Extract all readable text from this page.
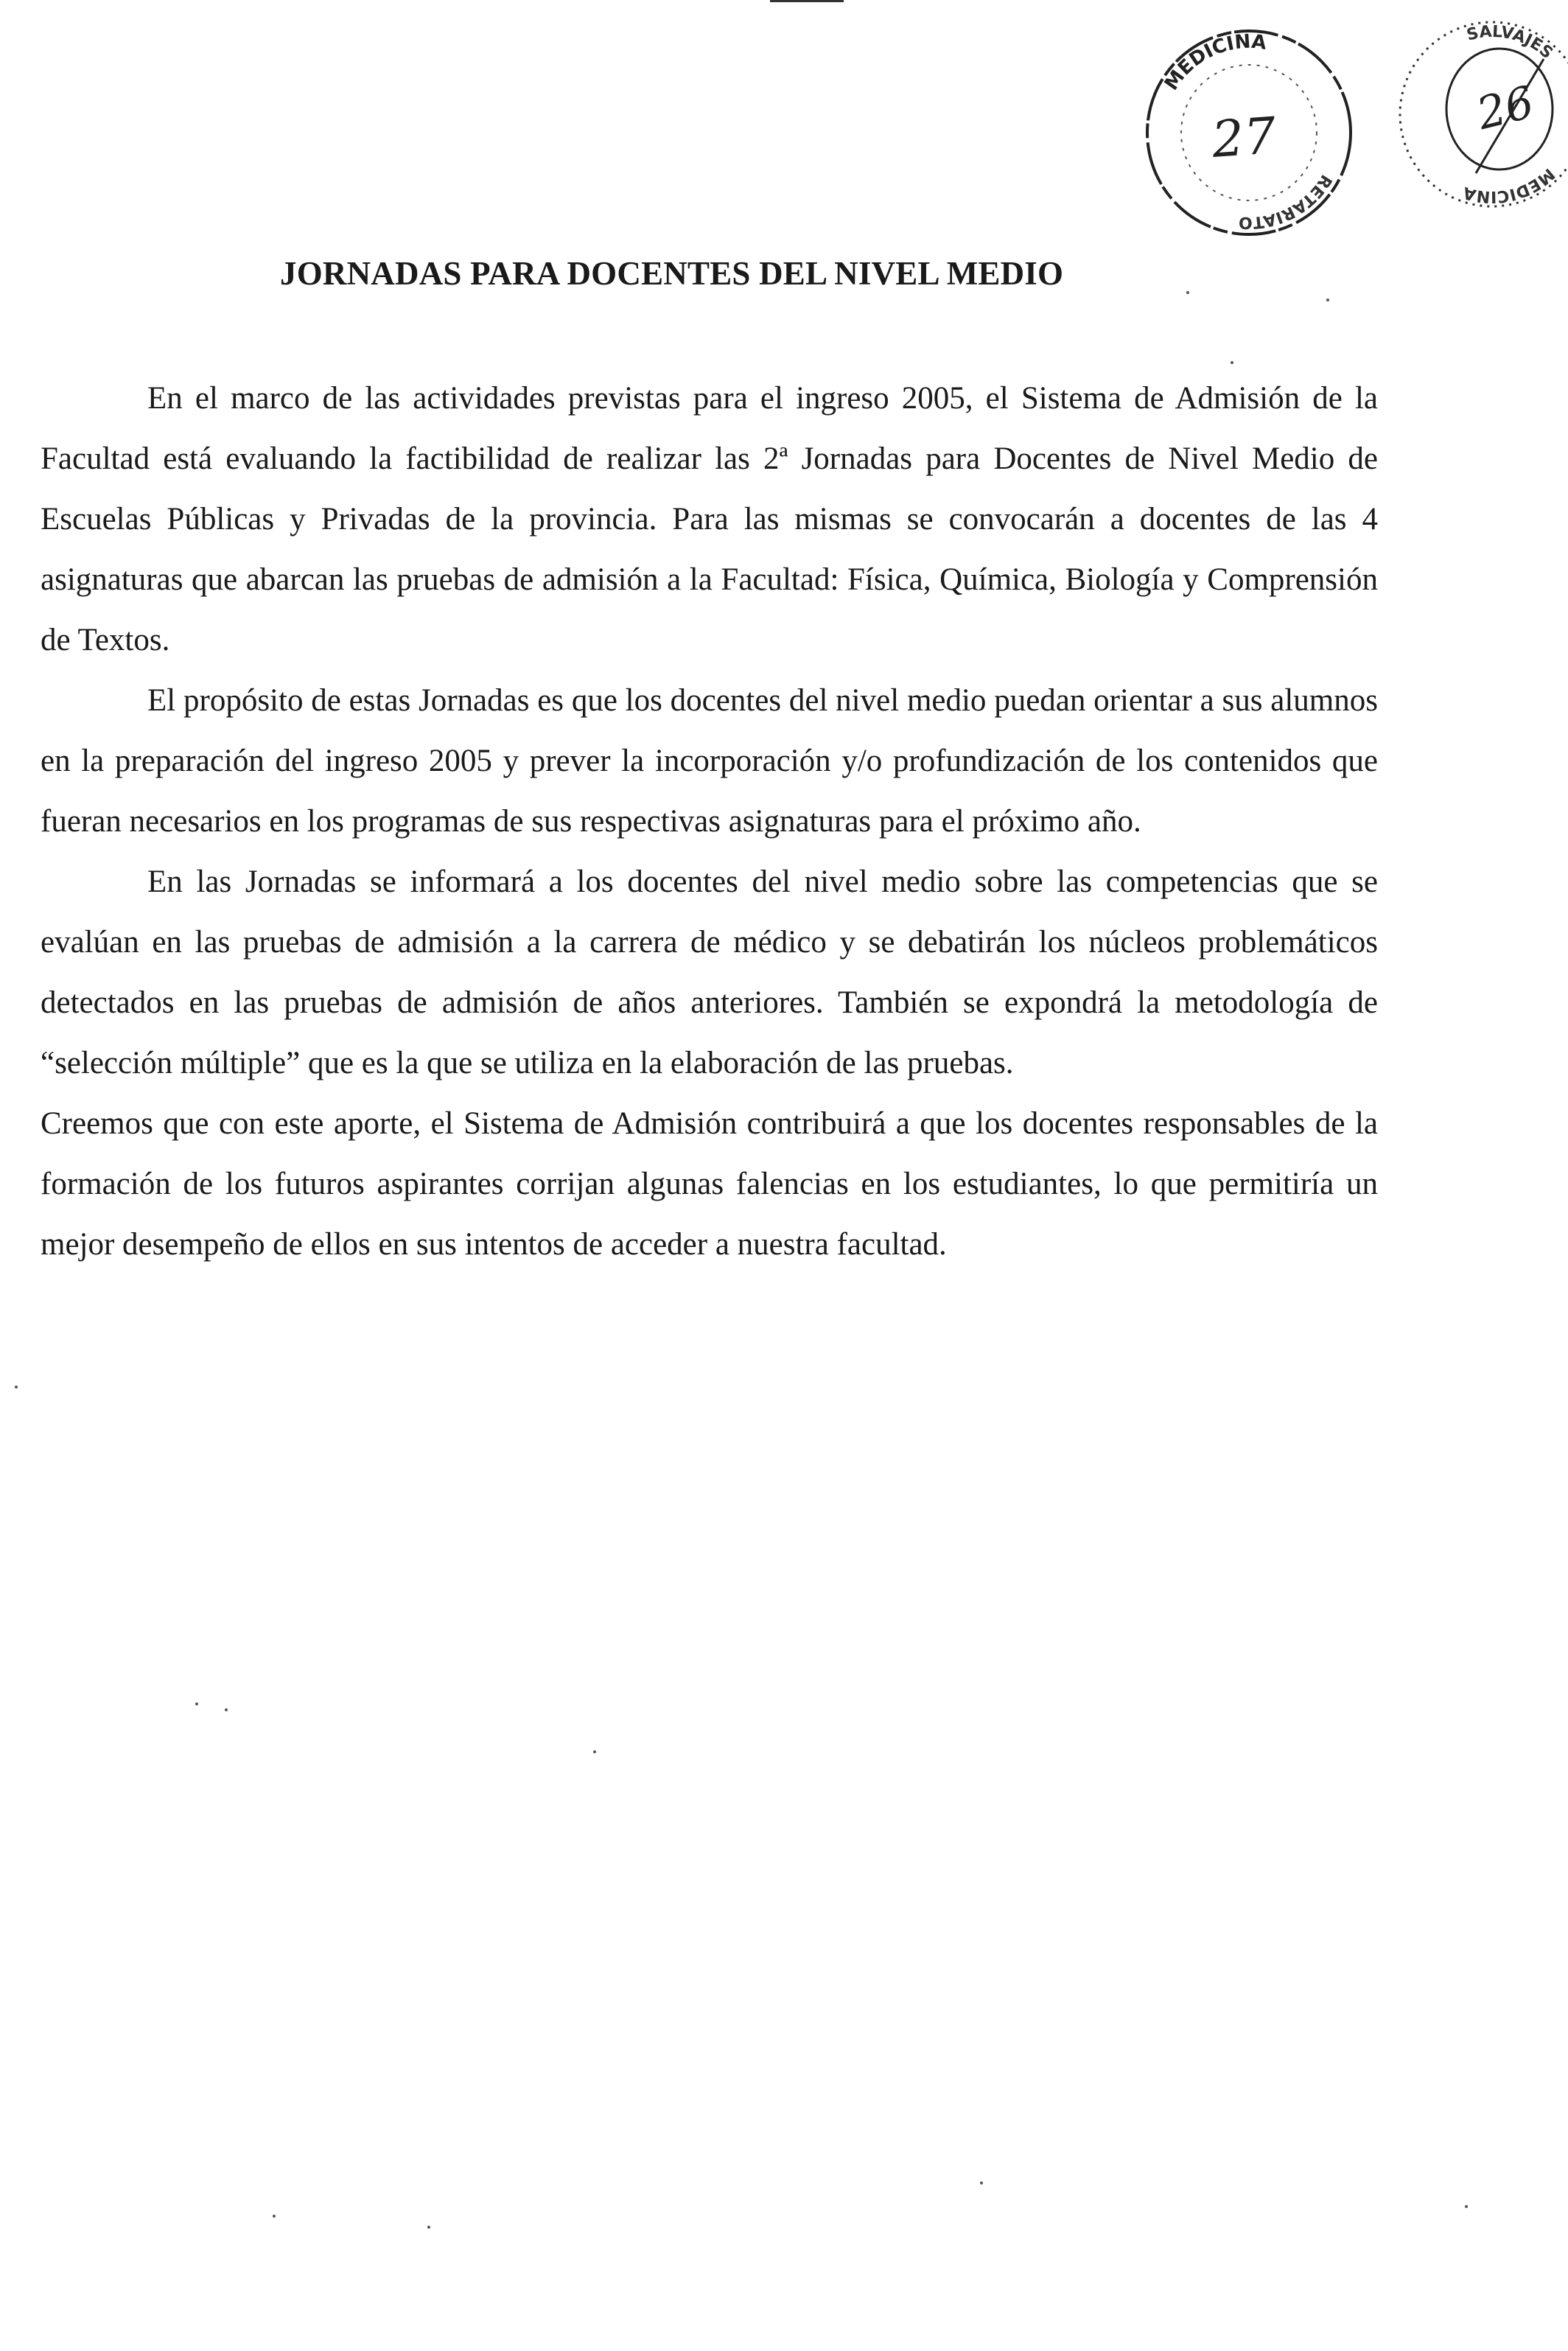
MEDICINA
RETARIATO
27
MEDICINA
SALVAJES
26
JORNADAS PARA DOCENTES DEL NIVEL MEDIO

En el marco de las actividades previstas para el ingreso 2005, el Sistema de Admisión de la Facultad está evaluando la factibilidad de realizar las 2ª Jornadas para Docentes de Nivel Medio de Escuelas Públicas y Privadas de la provincia. Para las mismas se convocarán a docentes de las 4 asignaturas que abarcan las pruebas de admisión a la Facultad: Física, Química, Biología y Comprensión de Textos.

El propósito de estas Jornadas es que los docentes del nivel medio puedan orientar a sus alumnos en la preparación del ingreso 2005 y prever la incorporación y/o profundización de los contenidos que fueran necesarios en los programas de sus respectivas asignaturas para el próximo año.

En las Jornadas se informará a los docentes del nivel medio sobre las competencias que se evalúan en las pruebas de admisión a la carrera de médico y se debatirán los núcleos problemáticos detectados en las pruebas de admisión de años anteriores. También se expondrá la metodología de “selección múltiple” que es la que se utiliza en la elaboración de las pruebas.

Creemos que con este aporte, el Sistema de Admisión contribuirá a que los docentes responsables de la formación de los futuros aspirantes corrijan algunas falencias en los estudiantes, lo que permitiría un mejor desempeño de ellos en sus intentos de acceder a nuestra facultad.
